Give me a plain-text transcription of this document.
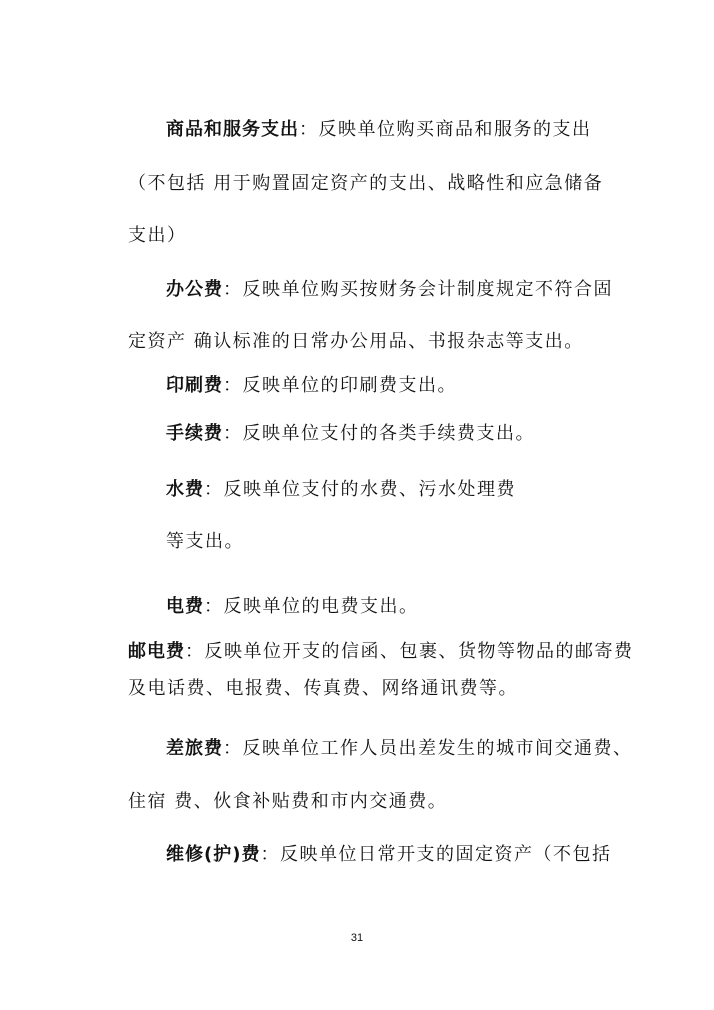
商品和服务支出：反映单位购买商品和服务的支出

（不包括 用于购置固定资产的支出、战略性和应急储备

支出）

办公费：反映单位购买按财务会计制度规定不符合固

定资产 确认标准的日常办公用品、书报杂志等支出。

印刷费：反映单位的印刷费支出。

手续费：反映单位支付的各类手续费支出。

水费：反映单位支付的水费、污水处理费

等支出。

电费：反映单位的电费支出。

邮电费：反映单位开支的信函、包裹、货物等物品的邮寄费

及电话费、电报费、传真费、网络通讯费等。

差旅费：反映单位工作人员出差发生的城市间交通费、

住宿 费、伙食补贴费和市内交通费。

维修(护)费：反映单位日常开支的固定资产（不包括

31
